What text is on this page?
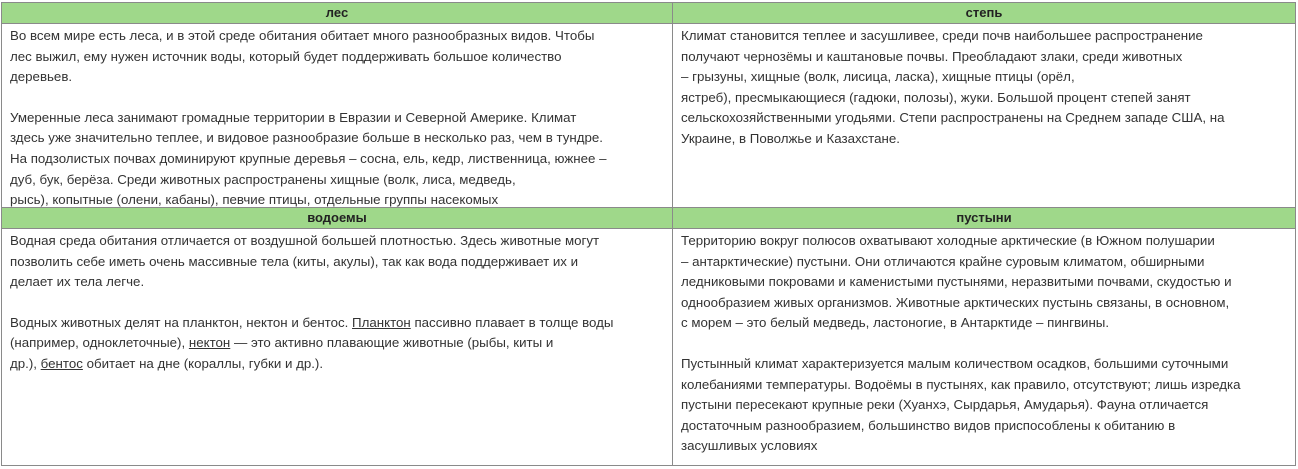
лес	степь
Во всем мире есть леса, и в этой среде обитания обитает много разнообразных видов. Чтобы
лес выжил, ему нужен источник воды, который будет поддерживать большое количество
деревьев.
Умеренные леса занимают громадные территории в Евразии и Северной Америке. Климат
здесь уже значительно теплее, и видовое разнообразие больше в несколько раз, чем в тундре.
На подзолистых почвах доминируют крупные деревья – сосна, ель, кедр, лиственница, южнее –
дуб, бук, берёза. Среди животных распространены хищные (волк, лиса, медведь,
рысь), копытные (олени, кабаны), певчие птицы, отдельные группы насекомых
Климат становится теплее и засушливее, среди почв наибольшее распространение
получают чернозёмы и каштановые почвы. Преобладают злаки, среди животных
– грызуны, хищные (волк, лисица, ласка), хищные птицы (орёл,
ястреб), пресмыкающиеся (гадюки, полозы), жуки. Большой процент степей занят
сельскохозяйственными угодьями. Степи распространены на Среднем западе США, на
Украине, в Поволжье и Казахстане.
водоемы	пустыни
Водная среда обитания отличается от воздушной большей плотностью. Здесь животные могут
позволить себе иметь очень массивные тела (киты, акулы), так как вода поддерживает их и
делает их тела легче.
Водных животных делят на планктон, нектон и бентос. Планктон пассивно плавает в толще воды
(например, одноклеточные), нектон — это активно плавающие животные (рыбы, киты и
др.), бентос обитает на дне (кораллы, губки и др.).
Территорию вокруг полюсов охватывают холодные арктические (в Южном полушарии
– антарктические) пустыни. Они отличаются крайне суровым климатом, обширными
ледниковыми покровами и каменистыми пустынями, неразвитыми почвами, скудостью и
однообразием живых организмов. Животные арктических пустынь связаны, в основном,
с морем – это белый медведь, ластоногие, в Антарктиде – пингвины.
Пустынный климат характеризуется малым количеством осадков, большими суточными
колебаниями температуры. Водоёмы в пустынях, как правило, отсутствуют; лишь изредка
пустыни пересекают крупные реки (Хуанхэ, Сырдарья, Амударья). Фауна отличается
достаточным разнообразием, большинство видов приспособлены к обитанию в
засушливых условиях
